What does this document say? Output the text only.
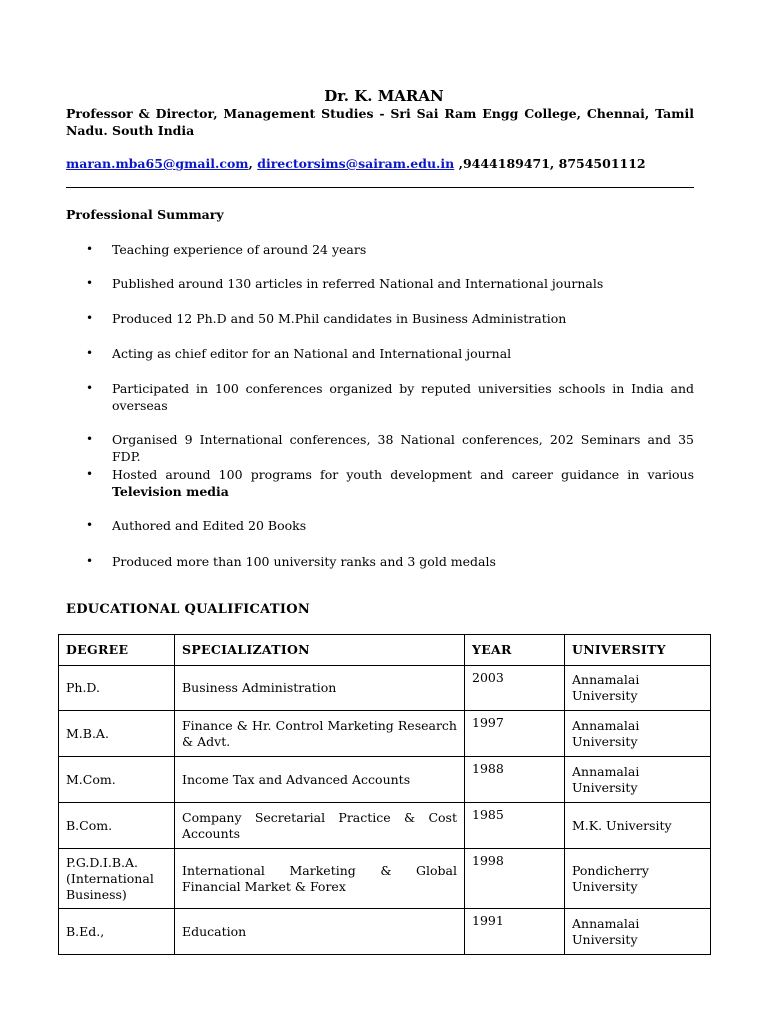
Dr. K. MARAN
Professor & Director, Management Studies - Sri Sai Ram Engg College, Chennai, Tamil Nadu. South India
maran.mba65@gmail.com, directorsims@sairam.edu.in ,9444189471, 8754501112
Professional Summary
• Teaching experience of around 24 years
• Published around 130 articles in referred National and International journals
• Produced 12 Ph.D and 50 M.Phil candidates in Business Administration
• Acting as chief editor for an National and International journal
• Participated in 100 conferences organized by reputed universities schools in India and overseas
• Organised 9 International conferences, 38 National conferences, 202 Seminars and 35 FDP.
• Hosted around 100 programs for youth development and career guidance in various Television media
• Authored and Edited 20 Books
• Produced more than 100 university ranks and 3 gold medals
EDUCATIONAL QUALIFICATION
DEGREE	SPECIALIZATION	YEAR	UNIVERSITY
Ph.D.	Business Administration	2003	Annamalai University
M.B.A.	Finance & Hr. Control Marketing Research & Advt.	1997	Annamalai University
M.Com.	Income Tax and Advanced Accounts	1988	Annamalai University
B.Com.	Company Secretarial Practice & Cost Accounts	1985	M.K. University
P.G.D.I.B.A. (International Business)	International Marketing & Global Financial Market & Forex	1998	Pondicherry University
B.Ed.,	Education	1991	Annamalai University
